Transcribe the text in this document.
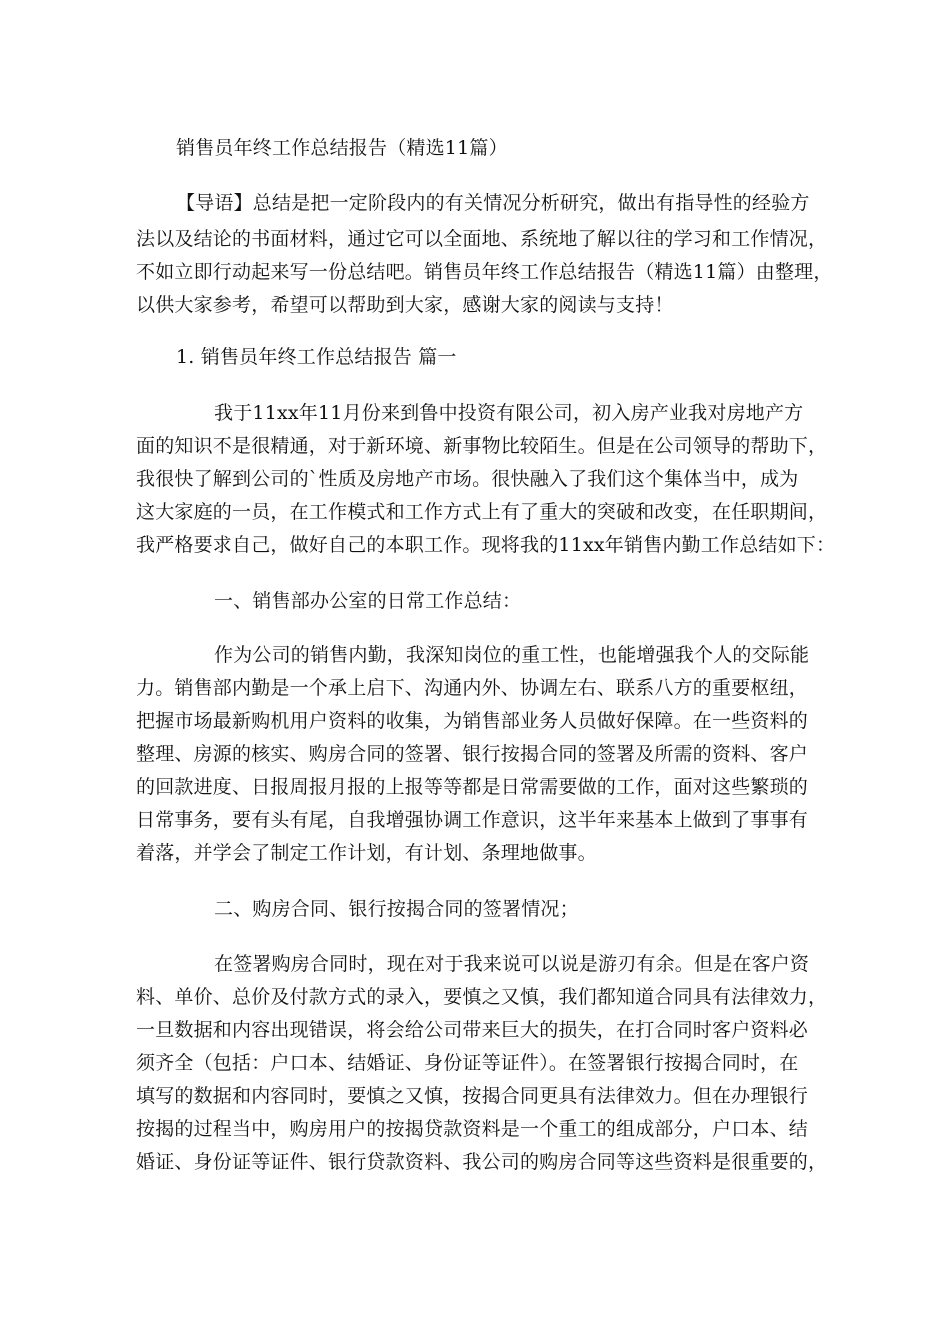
销售员年终工作总结报告（精选11篇）
【导语】总结是把一定阶段内的有关情况分析研究，做出有指导性的经验方
法以及结论的书面材料，通过它可以全面地、系统地了解以往的学习和工作情况，
不如立即行动起来写一份总结吧。销售员年终工作总结报告（精选11篇）由整理，
以供大家参考，希望可以帮助到大家，感谢大家的阅读与支持！
1. 销售员年终工作总结报告 篇一
我于11xx年11月份来到鲁中投资有限公司，初入房产业我对房地产方
面的知识不是很精通，对于新环境、新事物比较陌生。但是在公司领导的帮助下，
我很快了解到公司的`性质及房地产市场。很快融入了我们这个集体当中，成为
这大家庭的一员，在工作模式和工作方式上有了重大的突破和改变，在任职期间，
我严格要求自己，做好自己的本职工作。现将我的11xx年销售内勤工作总结如下：
一、销售部办公室的日常工作总结：
作为公司的销售内勤，我深知岗位的重工性，也能增强我个人的交际能
力。销售部内勤是一个承上启下、沟通内外、协调左右、联系八方的重要枢纽，
把握市场最新购机用户资料的收集，为销售部业务人员做好保障。在一些资料的
整理、房源的核实、购房合同的签署、银行按揭合同的签署及所需的资料、客户
的回款进度、日报周报月报的上报等等都是日常需要做的工作，面对这些繁琐的
日常事务，要有头有尾，自我增强协调工作意识，这半年来基本上做到了事事有
着落，并学会了制定工作计划，有计划、条理地做事。
二、购房合同、银行按揭合同的签署情况；
在签署购房合同时，现在对于我来说可以说是游刃有余。但是在客户资
料、单价、总价及付款方式的录入，要慎之又慎，我们都知道合同具有法律效力，
一旦数据和内容出现错误，将会给公司带来巨大的损失，在打合同时客户资料必
须齐全（包括：户口本、结婚证、身份证等证件）。在签署银行按揭合同时，在
填写的数据和内容同时，要慎之又慎，按揭合同更具有法律效力。但在办理银行
按揭的过程当中，购房用户的按揭贷款资料是一个重工的组成部分，户口本、结
婚证、身份证等证件、银行贷款资料、我公司的购房合同等这些资料是很重要的，
